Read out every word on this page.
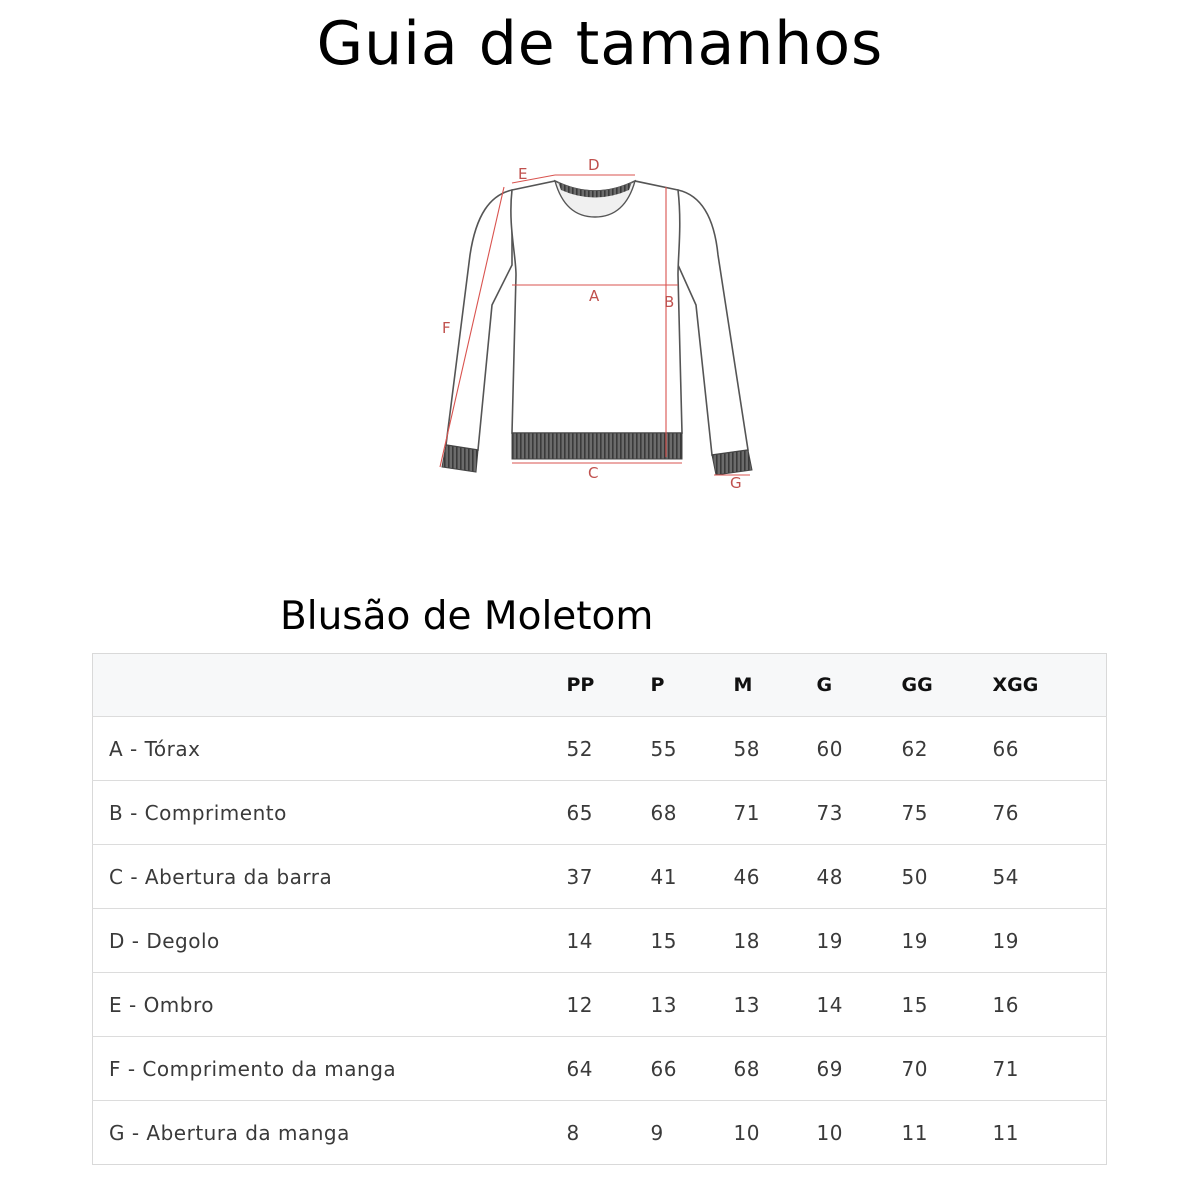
Guia de tamanhos
A	B
C
D
E
F
G
Blusão de Moletom
	PP	P	M	G	GG	XGG
A - Tórax	52	55	58	60	62	66
B - Comprimento	65	68	71	73	75	76
C - Abertura da barra	37	41	46	48	50	54
D - Degolo	14	15	18	19	19	19
E - Ombro	12	13	13	14	15	16
F - Comprimento da manga	64	66	68	69	70	71
G - Abertura da manga	8	9	10	10	11	11
